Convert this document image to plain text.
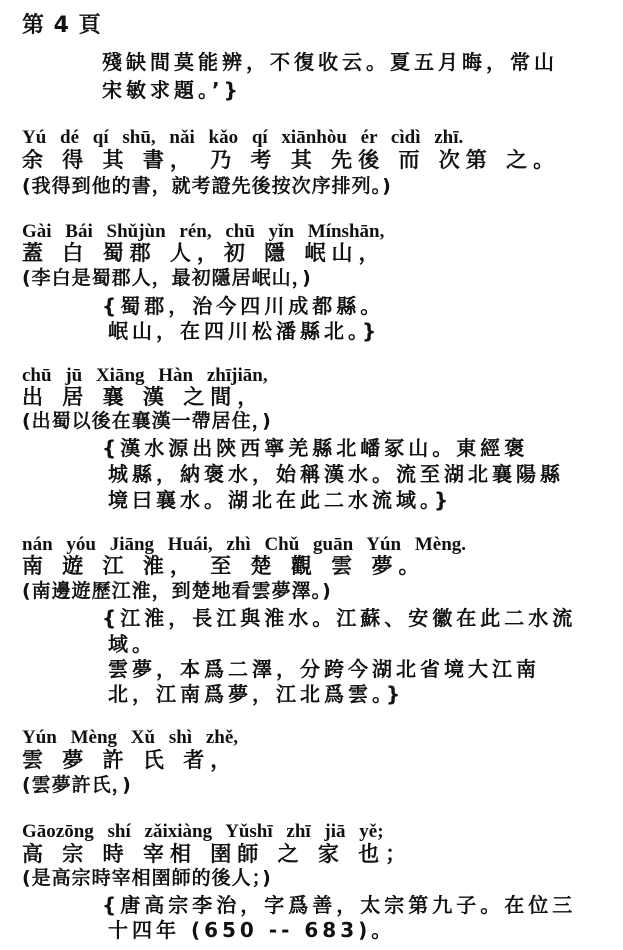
第 4 頁
殘缺間莫能辨，不復收云。夏五月晦，常山
宋敏求題。’}
Yú dé qí shū, nǎi kǎo qí xiānhòu ér cìdì zhī.
余 得 其 書， 乃 考 其 先後 而 次第 之。
(我得到他的書，就考證先後按次序排列。)
Gài Bái Shǔjùn rén, chū yǐn Mínshān,
蓋 白 蜀郡 人，初 隱 岷山，
(李白是蜀郡人，最初隱居岷山，)
{蜀郡，治今四川成都縣。
岷山，在四川松潘縣北。}
chū jū Xiāng Hàn zhījiān,
出 居 襄 漢 之間，
(出蜀以後在襄漢一帶居住，)
{漢水源出陝西寧羌縣北嶓冢山。東經褒
城縣，納褒水，始稱漢水。流至湖北襄陽縣
境曰襄水。湖北在此二水流域。}
nán yóu Jiāng Huái, zhì Chǔ guān Yún Mèng.
南 遊 江 淮， 至 楚 觀 雲 夢。
(南邊遊歷江淮，到楚地看雲夢澤。)
{江淮，長江與淮水。江蘇、安徽在此二水流
域。
雲夢，本爲二澤，分跨今湖北省境大江南
北，江南爲夢，江北爲雲。}
Yún Mèng Xǔ shì zhě,
雲 夢 許 氏 者，
(雲夢許氏，)
Gāozōng shí zǎixiàng Yǔshī zhī jiā yě;
高 宗 時 宰相 圉師 之 家 也；
(是高宗時宰相圉師的後人；)
{唐高宗李治，字爲善，太宗第九子。在位三
十四年 (650 -- 683)。
